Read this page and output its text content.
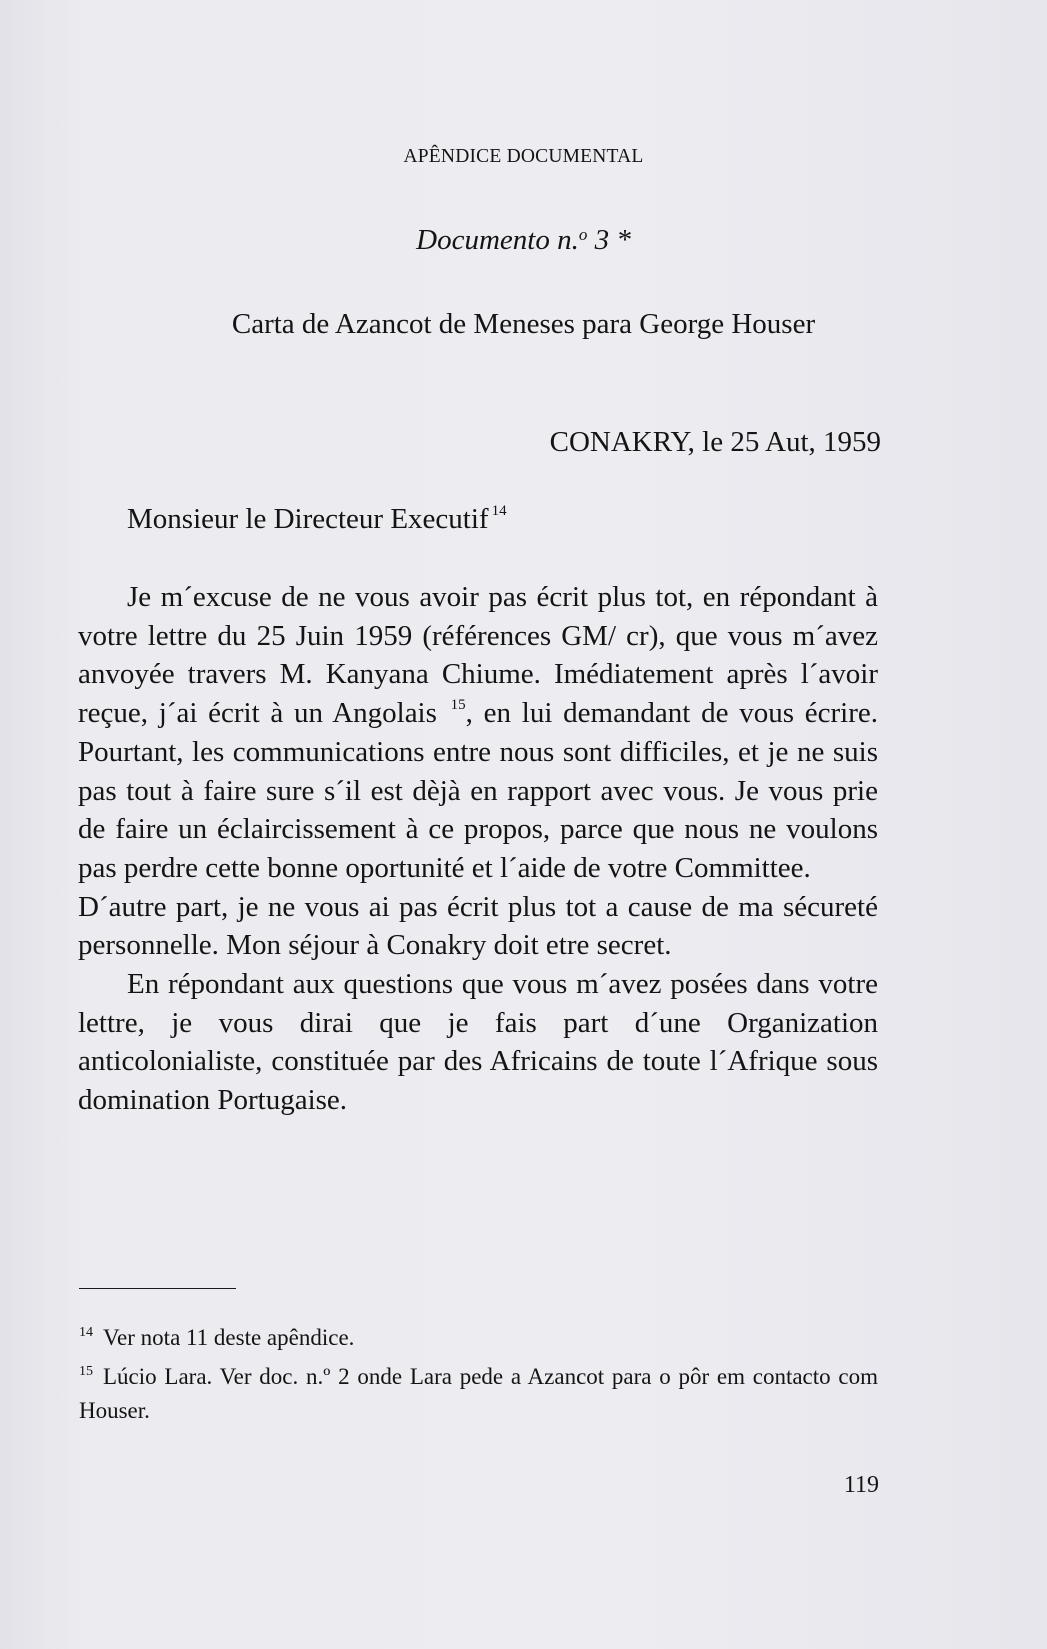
APÊNDICE DOCUMENTAL
Documento n.$^o$ 3 *
Carta de Azancot de Meneses para George Houser
CONAKRY, le 25 Aut, 1959
Monsieur le Directeur Executif $^{14}$

Je m´excuse de ne vous avoir pas écrit plus tot, en répondant à votre lettre du 25 Juin 1959 (références GM/ cr), que vous m´avez anvoyée travers M. Kanyana Chiume. Imédiatement après l´avoir reçue, j´ai écrit à un Angolais $^{15}$, en lui demandant de vous écrire. Pourtant, les communications entre nous sont difficiles, et je ne suis pas tout à faire sure s´il est dèjà en rapport avec vous. Je vous prie de faire un éclaircissement à ce propos, parce que nous ne voulons pas perdre cette bonne oportunité et l´aide de votre Committee.

D´autre part, je ne vous ai pas écrit plus tot a cause de ma sécureté personnelle. Mon séjour à Conakry doit etre secret.

En répondant aux questions que vous m´avez posées dans votre lettre, je vous dirai que je fais part d´une Organization anticolonialiste, constituée par des Africains de toute l´Afrique sous domination Portugaise.

$^{14}$ Ver nota 11 deste apêndice.

$^{15}$ Lúcio Lara. Ver doc. n.º 2 onde Lara pede a Azancot para o pôr em contacto com Houser.

119
